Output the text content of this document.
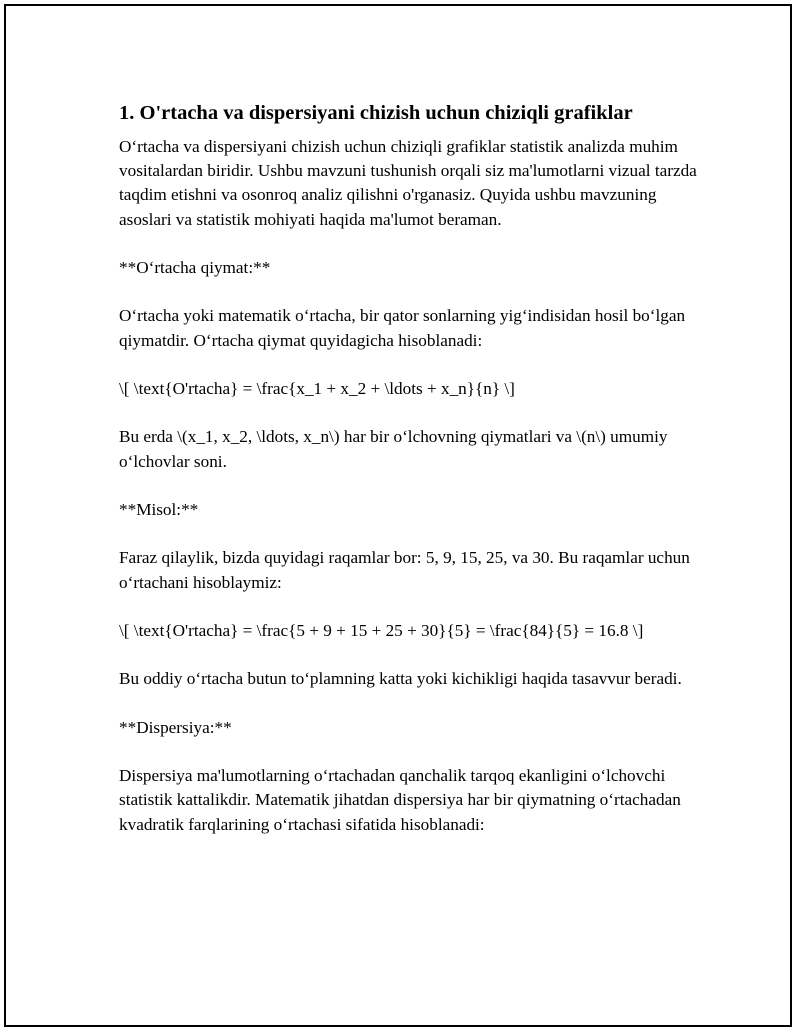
1. O'rtacha va dispersiyani chizish uchun chiziqli grafiklar

O‘rtacha va dispersiyani chizish uchun chiziqli grafiklar statistik analizda muhim vositalardan biridir. Ushbu mavzuni tushunish orqali siz ma'lumotlarni vizual tarzda taqdim etishni va osonroq analiz qilishni o'rganasiz. Quyida ushbu mavzuning asoslari va statistik mohiyati haqida ma'lumot beraman.

**O‘rtacha qiymat:**

O‘rtacha yoki matematik o‘rtacha, bir qator sonlarning yig‘indisidan hosil bo‘lgan qiymatdir. O‘rtacha qiymat quyidagicha hisoblanadi:

\[ \text{O'rtacha} = \frac{x_1 + x_2 + \ldots + x_n}{n} \]

Bu erda \(x_1, x_2, \ldots, x_n\) har bir o‘lchovning qiymatlari va \(n\) umumiy o‘lchovlar soni.

**Misol:**

Faraz qilaylik, bizda quyidagi raqamlar bor: 5, 9, 15, 25, va 30. Bu raqamlar uchun o‘rtachani hisoblaymiz:

\[ \text{O'rtacha} = \frac{5 + 9 + 15 + 25 + 30}{5} = \frac{84}{5} = 16.8 \]

Bu oddiy o‘rtacha butun to‘plamning katta yoki kichikligi haqida tasavvur beradi.

**Dispersiya:**

Dispersiya ma'lumotlarning o‘rtachadan qanchalik tarqoq ekanligini o‘lchovchi statistik kattalikdir. Matematik jihatdan dispersiya har bir qiymatning o‘rtachadan kvadratik farqlarining o‘rtachasi sifatida hisoblanadi:
